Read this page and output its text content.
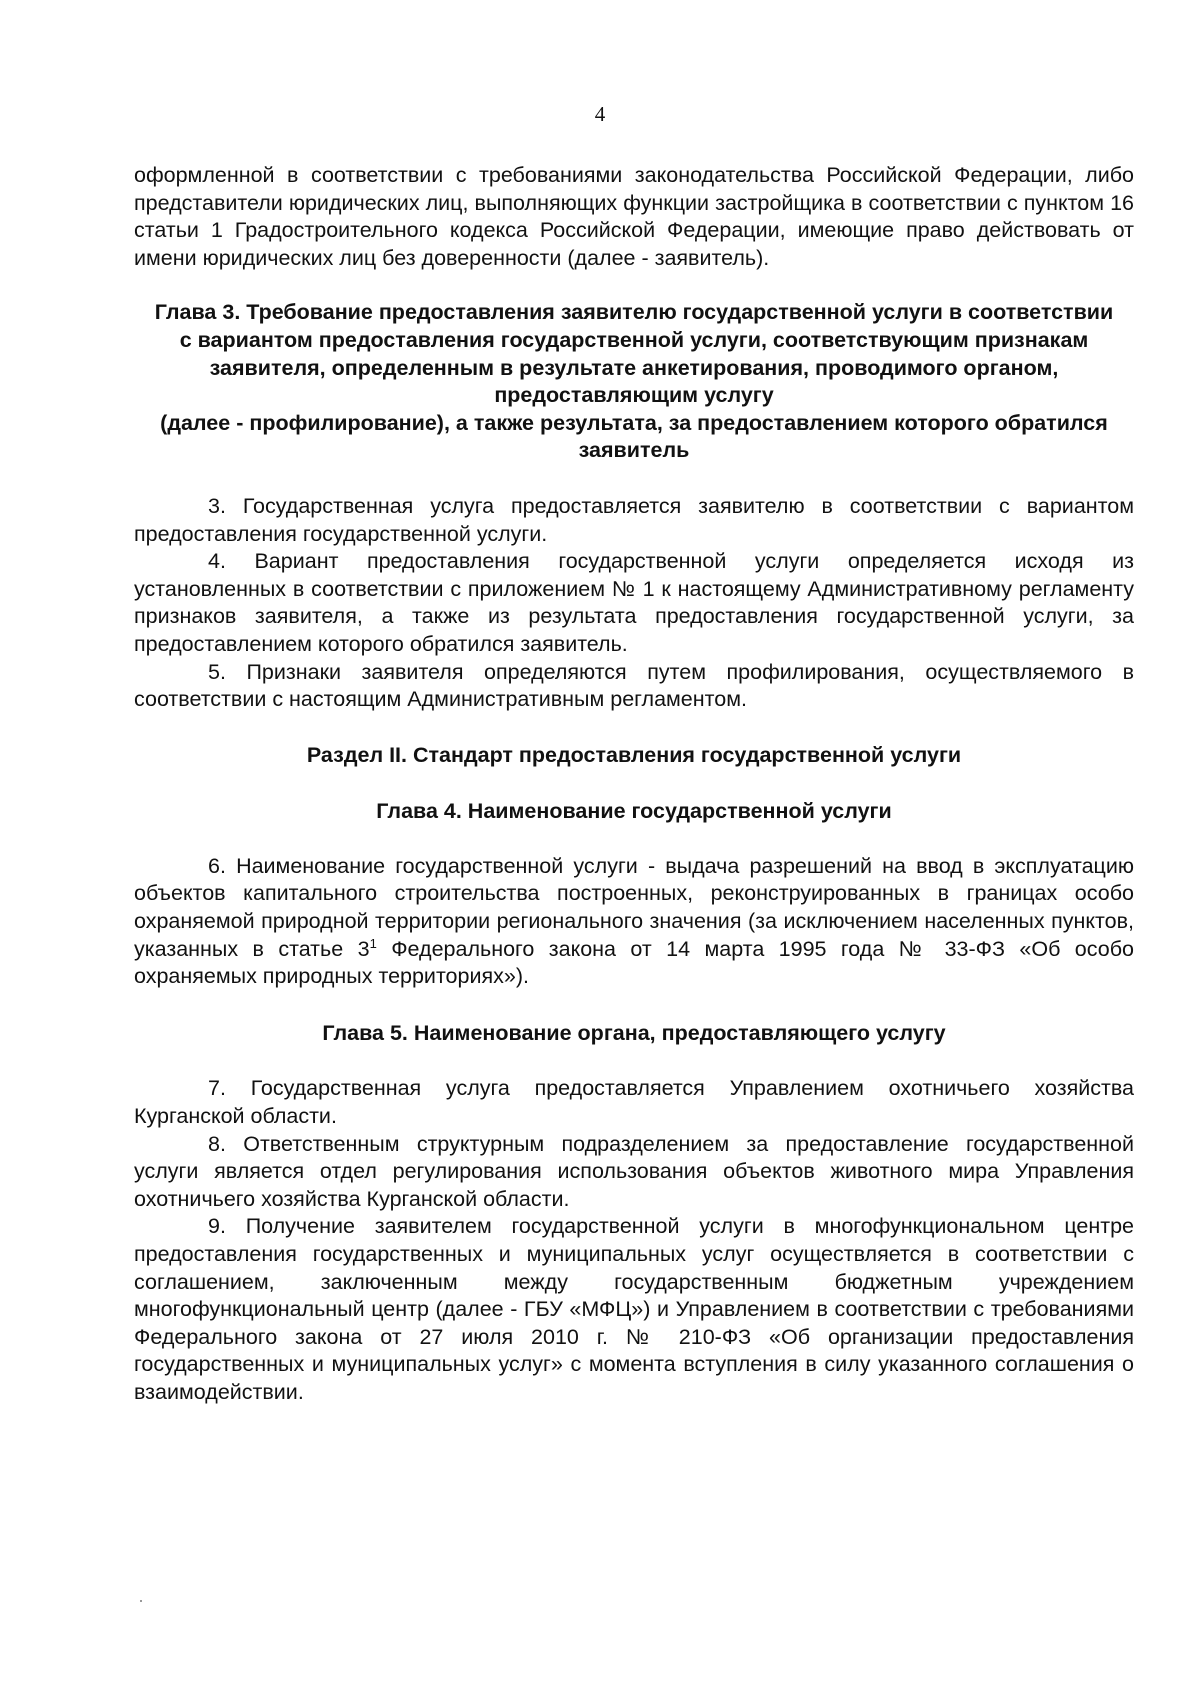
4

оформленной в соответствии с требованиями законодательства Российской Федерации, либо представители юридических лиц, выполняющих функции застройщика в соответствии с пунктом 16 статьи 1 Градостроительного кодекса Российской Федерации, имеющие право действовать от имени юридических лиц без доверенности (далее - заявитель).

Глава 3. Требование предоставления заявителю государственной услуги в соответствии с вариантом предоставления государственной услуги, соответствующим признакам заявителя, определенным в результате анкетирования, проводимого органом, предоставляющим услугу
(далее - профилирование), а также результата, за предоставлением которого обратился заявитель

3. Государственная услуга предоставляется заявителю в соответствии с вариантом предоставления государственной услуги.

4. Вариант предоставления государственной услуги определяется исходя из установленных в соответствии с приложением № 1 к настоящему Административному регламенту признаков заявителя, а также из результата предоставления государственной услуги, за предоставлением которого обратился заявитель.

5. Признаки заявителя определяются путем профилирования, осуществляемого в соответствии с настоящим Административным регламентом.

Раздел II. Стандарт предоставления государственной услуги
Глава 4. Наименование государственной услуги

6. Наименование государственной услуги - выдача разрешений на ввод в эксплуатацию объектов капитального строительства построенных, реконструированных в границах особо охраняемой природной территории регионального значения (за исключением населенных пунктов, указанных в статье $3^1$ Федерального закона от 14 марта 1995 года № 33-ФЗ «Об особо охраняемых природных территориях»).

Глава 5. Наименование органа, предоставляющего услугу

7. Государственная услуга предоставляется Управлением охотничьего хозяйства Курганской области.

8. Ответственным структурным подразделением за предоставление государственной услуги является отдел регулирования использования объектов животного мира Управления охотничьего хозяйства Курганской области.

9. Получение заявителем государственной услуги в многофункциональном центре предоставления государственных и муниципальных услуг осуществляется в соответствии с соглашением, заключенным между государственным бюджетным учреждением многофункциональный центр (далее - ГБУ «МФЦ») и Управлением в соответствии с требованиями Федерального закона от 27 июля 2010 г. № 210-ФЗ «Об организации предоставления государственных и муниципальных услуг» с момента вступления в силу указанного соглашения о взаимодействии.
